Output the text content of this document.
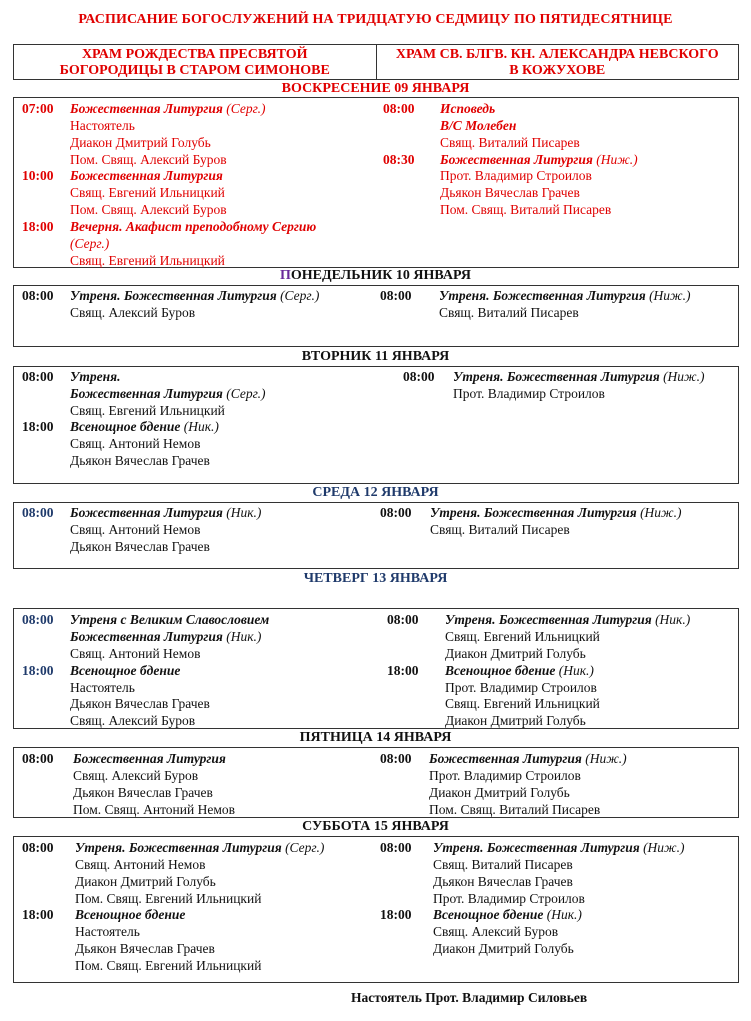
РАСПИСАНИЕ БОГОСЛУЖЕНИЙ НА ТРИДЦАТУЮ СЕДМИЦУ ПО ПЯТИДЕСЯТНИЦЕ
ХРАМ РОЖДЕСТВА ПРЕСВЯТОЙ
БОГОРОДИЦЫ В СТАРОМ СИМОНОВЕ
ХРАМ СВ. БЛГВ. КН. АЛЕКСАНДРА НЕВСКОГО
В КОЖУХОВЕ
ВОСКРЕСЕНИЕ 09 ЯНВАРЯ
07:00 Божественная Литургия (Серг.)
Настоятель
Диакон Дмитрий Голубь
Пом. Свящ. Алексий Буров
10:00 Божественная Литургия
Свящ. Евгений Ильницкий
Пом. Свящ. Алексий Буров
18:00 Вечерня. Акафист преподобному Сергию
(Серг.)
Свящ. Евгений Ильницкий
08:00 Исповедь
В/С Молебен
Свящ. Виталий Писарев
08:30 Божественная Литургия (Ниж.)
Прот. Владимир Строилов
Дьякон Вячеслав Грачев
Пом. Свящ. Виталий Писарев
ПОНЕДЕЛЬНИК 10 ЯНВАРЯ
08:00 Утреня. Божественная Литургия (Серг.)
Свящ. Алексий Буров
08:00 Утреня. Божественная Литургия (Ниж.)
Свящ. Виталий Писарев
ВТОРНИК 11 ЯНВАРЯ
08:00 Утреня.
Божественная Литургия (Серг.)
Свящ. Евгений Ильницкий
18:00 Всенощное бдение (Ник.)
Свящ. Антоний Немов
Дьякон Вячеслав Грачев
08:00 Утреня. Божественная Литургия (Ниж.)
Прот. Владимир Строилов
СРЕДА 12 ЯНВАРЯ
08:00 Божественная Литургия (Ник.)
Свящ. Антоний Немов
Дьякон Вячеслав Грачев
08:00 Утреня. Божественная Литургия (Ниж.)
Свящ. Виталий Писарев
ЧЕТВЕРГ 13 ЯНВАРЯ
08:00 Утреня с Великим Славословием
Божественная Литургия (Ник.)
Свящ. Антоний Немов
18:00 Всенощное бдение
Настоятель
Дьякон Вячеслав Грачев
Свящ. Алексий Буров
08:00 Утреня. Божественная Литургия (Ник.)
Свящ. Евгений Ильницкий
Диакон Дмитрий Голубь
18:00 Всенощное бдение (Ник.)
Прот. Владимир Строилов
Свящ. Евгений Ильницкий
Диакон Дмитрий Голубь
ПЯТНИЦА 14 ЯНВАРЯ
08:00 Божественная Литургия
Свящ. Алексий Буров
Дьякон Вячеслав Грачев
Пом. Свящ. Антоний Немов
08:00 Божественная Литургия (Ниж.)
Прот. Владимир Строилов
Диакон Дмитрий Голубь
Пом. Свящ. Виталий Писарев
СУББОТА 15 ЯНВАРЯ
08:00 Утреня. Божественная Литургия (Серг.)
Свящ. Антоний Немов
Диакон Дмитрий Голубь
Пом. Свящ. Евгений Ильницкий
18:00 Всенощное бдение
Настоятель
Дьякон Вячеслав Грачев
Пом. Свящ. Евгений Ильницкий
08:00 Утреня. Божественная Литургия (Ниж.)
Свящ. Виталий Писарев
Дьякон Вячеслав Грачев
Прот. Владимир Строилов
18:00 Всенощное бдение (Ник.)
Свящ. Алексий Буров
Диакон Дмитрий Голубь
Настоятель Прот. Владимир Силовьев
